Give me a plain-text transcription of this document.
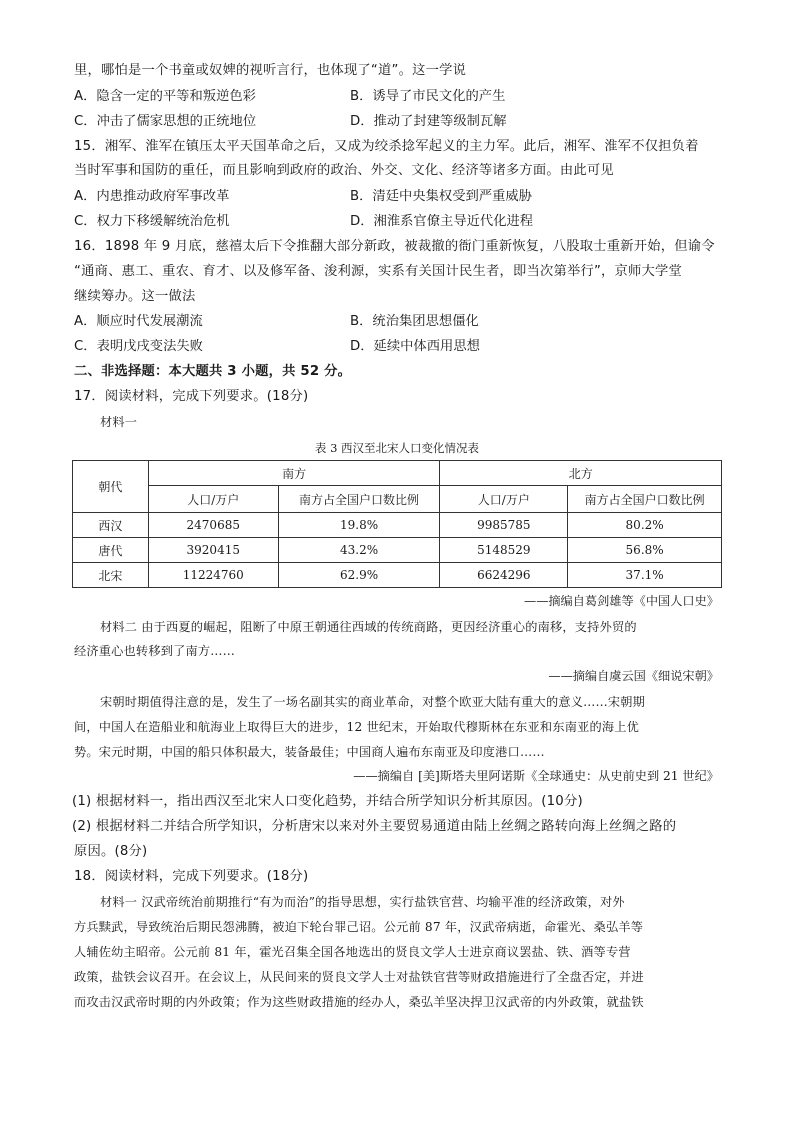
里，哪怕是一个书童或奴婢的视听言行，也体现了“道”。这一学说
A．隐含一定的平等和叛逆色彩	B．诱导了市民文化的产生
C．冲击了儒家思想的正统地位	D．推动了封建等级制瓦解
15．湘军、淮军在镇压太平天国革命之后，又成为绞杀捻军起义的主力军。此后，湘军、淮军不仅担负着
当时军事和国防的重任，而且影响到政府的政治、外交、文化、经济等诸多方面。由此可见
A．内患推动政府军事改革	B．清廷中央集权受到严重威胁
C．权力下移缓解统治危机	D．湘淮系官僚主导近代化进程
16．1898 年 9 月底，慈禧太后下令推翻大部分新政，被裁撤的衙门重新恢复，八股取士重新开始，但谕令
“通商、惠工、重农、育才、以及修军备、浚利源，实系有关国计民生者，即当次第举行”，京师大学堂
继续筹办。这一做法
A．顺应时代发展潮流	B．统治集团思想僵化
C．表明戊戌变法失败	D．延续中体西用思想
二、非选择题：本大题共 3 小题，共 52 分。
17．阅读材料，完成下列要求。(18分)
材料一
表 3 西汉至北宋人口变化情况表
朝代	南方		北方	
	人口/万户	南方占全国户口数比例	人口/万户	南方占全国户口数比例
西汉	2470685	19.8%	9985785	80.2%
唐代	3920415	43.2%	5148529	56.8%
北宋	11224760	62.9%	6624296	37.1%
——摘编自葛剑雄等《中国人口史》
材料二 由于西夏的崛起，阻断了中原王朝通往西域的传统商路，更因经济重心的南移，支持外贸的
经济重心也转移到了南方……
——摘编自虞云国《细说宋朝》
宋朝时期值得注意的是，发生了一场名副其实的商业革命，对整个欧亚大陆有重大的意义……宋朝期
间，中国人在造船业和航海业上取得巨大的进步，12 世纪末，开始取代穆斯林在东亚和东南亚的海上优
势。宋元时期，中国的船只体积最大，装备最佳；中国商人遍布东南亚及印度港口……
——摘编自 [美]斯塔夫里阿诺斯《全球通史：从史前史到 21 世纪》
(1) 根据材料一，指出西汉至北宋人口变化趋势，并结合所学知识分析其原因。(10分)
(2) 根据材料二并结合所学知识，分析唐宋以来对外主要贸易通道由陆上丝绸之路转向海上丝绸之路的
原因。(8分)
18．阅读材料，完成下列要求。(18分)
材料一 汉武帝统治前期推行“有为而治”的指导思想，实行盐铁官营、均输平准的经济政策，对外
方兵黩武，导致统治后期民怨沸腾，被迫下轮台罪己诏。公元前 87 年，汉武帝病逝，命霍光、桑弘羊等
人辅佐幼主昭帝。公元前 81 年，霍光召集全国各地选出的贤良文学人士进京商议罢盐、铁、酒等专营
政策，盐铁会议召开。在会议上，从民间来的贤良文学人士对盐铁官营等财政措施进行了全盘否定，并进
而攻击汉武帝时期的内外政策；作为这些财政措施的经办人，桑弘羊坚决捍卫汉武帝的内外政策，就盐铁
